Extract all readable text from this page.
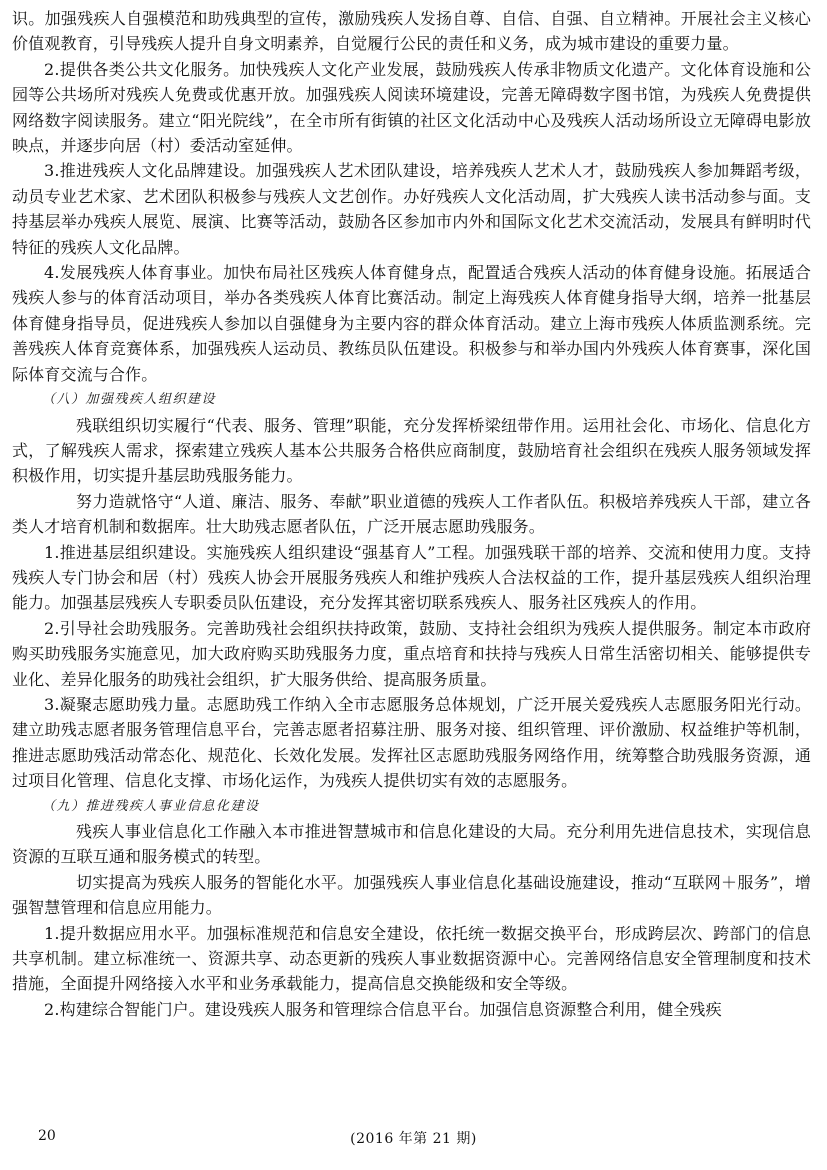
识。加强残疾人自强模范和助残典型的宣传，激励残疾人发扬自尊、自信、自强、自立精神。开展社会主义核心价值观教育，引导残疾人提升自身文明素养，自觉履行公民的责任和义务，成为城市建设的重要力量。

2.提供各类公共文化服务。加快残疾人文化产业发展，鼓励残疾人传承非物质文化遗产。文化体育设施和公园等公共场所对残疾人免费或优惠开放。加强残疾人阅读环境建设，完善无障碍数字图书馆，为残疾人免费提供网络数字阅读服务。建立“阳光院线”，在全市所有街镇的社区文化活动中心及残疾人活动场所设立无障碍电影放映点，并逐步向居（村）委活动室延伸。

3.推进残疾人文化品牌建设。加强残疾人艺术团队建设，培养残疾人艺术人才，鼓励残疾人参加舞蹈考级，动员专业艺术家、艺术团队积极参与残疾人文艺创作。办好残疾人文化活动周，扩大残疾人读书活动参与面。支持基层举办残疾人展览、展演、比赛等活动，鼓励各区参加市内外和国际文化艺术交流活动，发展具有鲜明时代特征的残疾人文化品牌。

4.发展残疾人体育事业。加快布局社区残疾人体育健身点，配置适合残疾人活动的体育健身设施。拓展适合残疾人参与的体育活动项目，举办各类残疾人体育比赛活动。制定上海残疾人体育健身指导大纲，培养一批基层体育健身指导员，促进残疾人参加以自强健身为主要内容的群众体育活动。建立上海市残疾人体质监测系统。完善残疾人体育竞赛体系，加强残疾人运动员、教练员队伍建设。积极参与和举办国内外残疾人体育赛事，深化国际体育交流与合作。

（八）加强残疾人组织建设

残联组织切实履行“代表、服务、管理”职能，充分发挥桥梁纽带作用。运用社会化、市场化、信息化方式，了解残疾人需求，探索建立残疾人基本公共服务合格供应商制度，鼓励培育社会组织在残疾人服务领域发挥积极作用，切实提升基层助残服务能力。

努力造就恪守“人道、廉洁、服务、奉献”职业道德的残疾人工作者队伍。积极培养残疾人干部，建立各类人才培育机制和数据库。壮大助残志愿者队伍，广泛开展志愿助残服务。

1.推进基层组织建设。实施残疾人组织建设“强基育人”工程。加强残联干部的培养、交流和使用力度。支持残疾人专门协会和居（村）残疾人协会开展服务残疾人和维护残疾人合法权益的工作，提升基层残疾人组织治理能力。加强基层残疾人专职委员队伍建设，充分发挥其密切联系残疾人、服务社区残疾人的作用。

2.引导社会助残服务。完善助残社会组织扶持政策，鼓励、支持社会组织为残疾人提供服务。制定本市政府购买助残服务实施意见，加大政府购买助残服务力度，重点培育和扶持与残疾人日常生活密切相关、能够提供专业化、差异化服务的助残社会组织，扩大服务供给、提高服务质量。

3.凝聚志愿助残力量。志愿助残工作纳入全市志愿服务总体规划，广泛开展关爱残疾人志愿服务阳光行动。建立助残志愿者服务管理信息平台，完善志愿者招募注册、服务对接、组织管理、评价激励、权益维护等机制，推进志愿助残活动常态化、规范化、长效化发展。发挥社区志愿助残服务网络作用，统筹整合助残服务资源，通过项目化管理、信息化支撑、市场化运作，为残疾人提供切实有效的志愿服务。

（九）推进残疾人事业信息化建设

残疾人事业信息化工作融入本市推进智慧城市和信息化建设的大局。充分利用先进信息技术，实现信息资源的互联互通和服务模式的转型。

切实提高为残疾人服务的智能化水平。加强残疾人事业信息化基础设施建设，推动“互联网＋服务”，增强智慧管理和信息应用能力。

1.提升数据应用水平。加强标准规范和信息安全建设，依托统一数据交换平台，形成跨层次、跨部门的信息共享机制。建立标准统一、资源共享、动态更新的残疾人事业数据资源中心。完善网络信息安全管理制度和技术措施，全面提升网络接入水平和业务承载能力，提高信息交换能级和安全等级。

2.构建综合智能门户。建设残疾人服务和管理综合信息平台。加强信息资源整合利用，健全残疾

20	(2016 年第 21 期)
